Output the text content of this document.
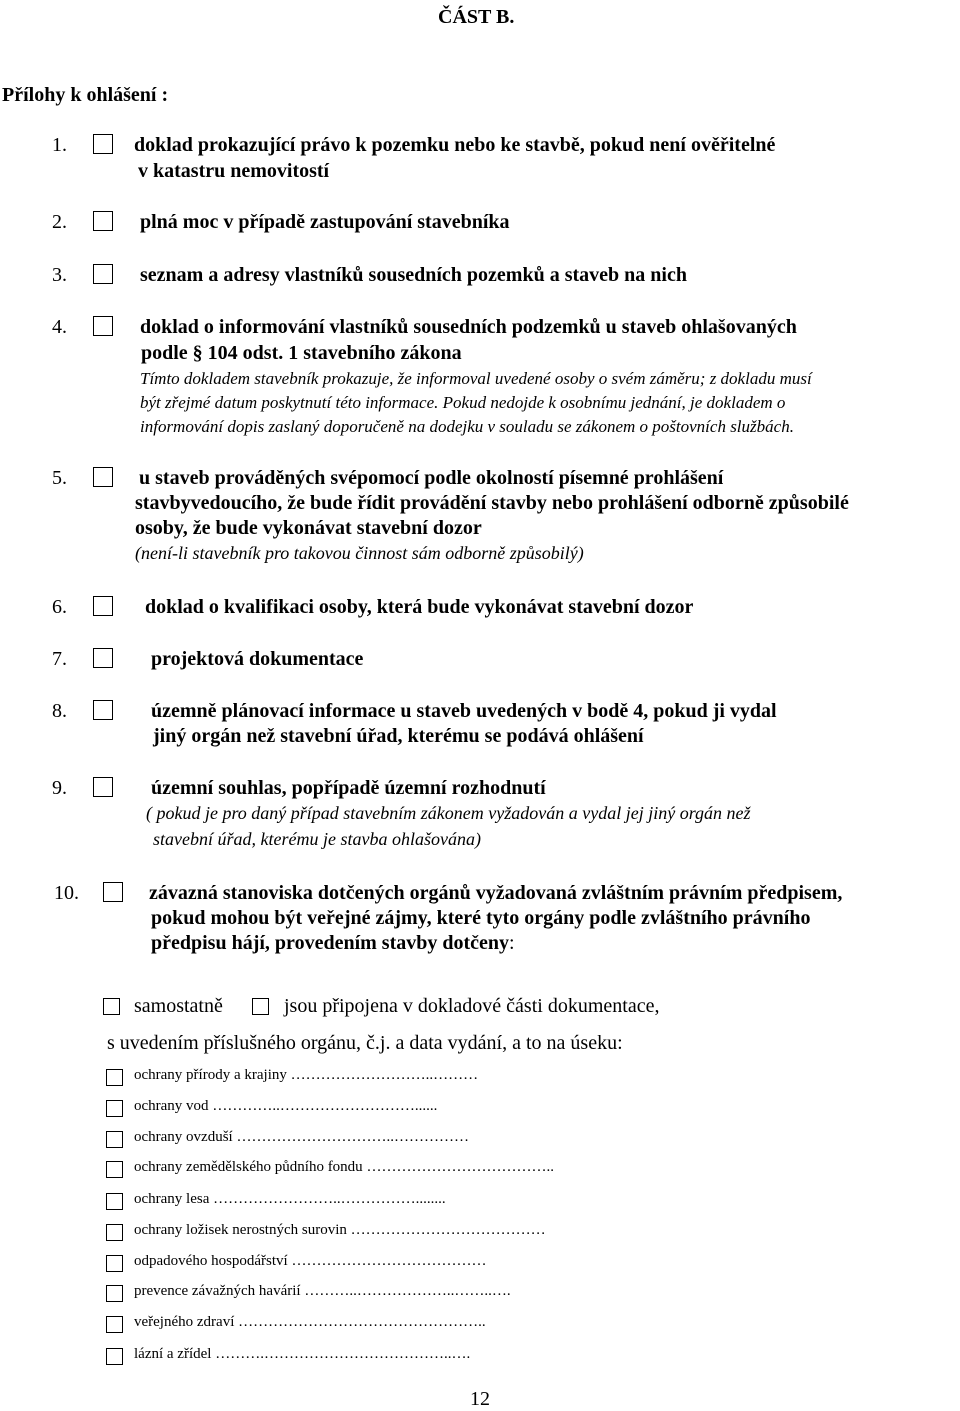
ČÁST B.
Přílohy k ohlášení :
1.	doklad prokazující právo k pozemku nebo ke stavbě, pokud není ověřitelné
v katastru nemovitostí
2.	plná moc v případě zastupování stavebníka
3.	seznam a adresy vlastníků sousedních pozemků a staveb na nich
4.	doklad o informování vlastníků sousedních podzemků u staveb ohlašovaných
podle § 104 odst. 1 stavebního zákona
Tímto dokladem stavebník prokazuje, že informoval uvedené osoby o svém záměru; z dokladu musí
být zřejmé datum poskytnutí této informace. Pokud nedojde k osobnímu jednání, je dokladem o
informování dopis zaslaný doporučeně na dodejku v souladu se zákonem o poštovních službách.
5.	u staveb prováděných svépomocí podle okolností písemné prohlášení
stavbyvedoucího, že bude řídit provádění stavby nebo prohlášení odborně způsobilé
osoby, že bude vykonávat stavební dozor
(není-li stavebník pro takovou činnost sám odborně způsobilý)
6.	doklad o kvalifikaci osoby, která bude vykonávat stavební dozor
7.	projektová dokumentace
8.	územně plánovací informace u staveb uvedených v bodě 4, pokud ji vydal
jiný orgán než stavební úřad, kterému se podává ohlášení
9.	územní souhlas, popřípadě územní rozhodnutí
( pokud je pro daný případ stavebním zákonem vyžadován a vydal jej jiný orgán než
stavební úřad, kterému je stavba ohlašována)
10.	závazná stanoviska dotčených orgánů vyžadovaná zvláštním právním předpisem,
pokud mohou být veřejné zájmy, které tyto orgány podle zvláštního právního
předpisu hájí, provedením stavby dotčeny:
samostatně	jsou připojena v dokladové části dokumentace,
s uvedením příslušného orgánu, č.j. a data vydání, a to na úseku:
ochrany přírody a krajiny ………………………..………
ochrany vod …………..………………………......
ochrany ovzduší …………………………..……………
ochrany zemědělského půdního fondu ………………………………..
ochrany lesa ……………………..……………........
ochrany ložisek nerostných surovin …………………………………
odpadového hospodářství …………………………………
prevence závažných havárií ………..………………..……..….
veřejného zdraví …………………………………………..
lázní a zřídel ……….………………………………..….
12
